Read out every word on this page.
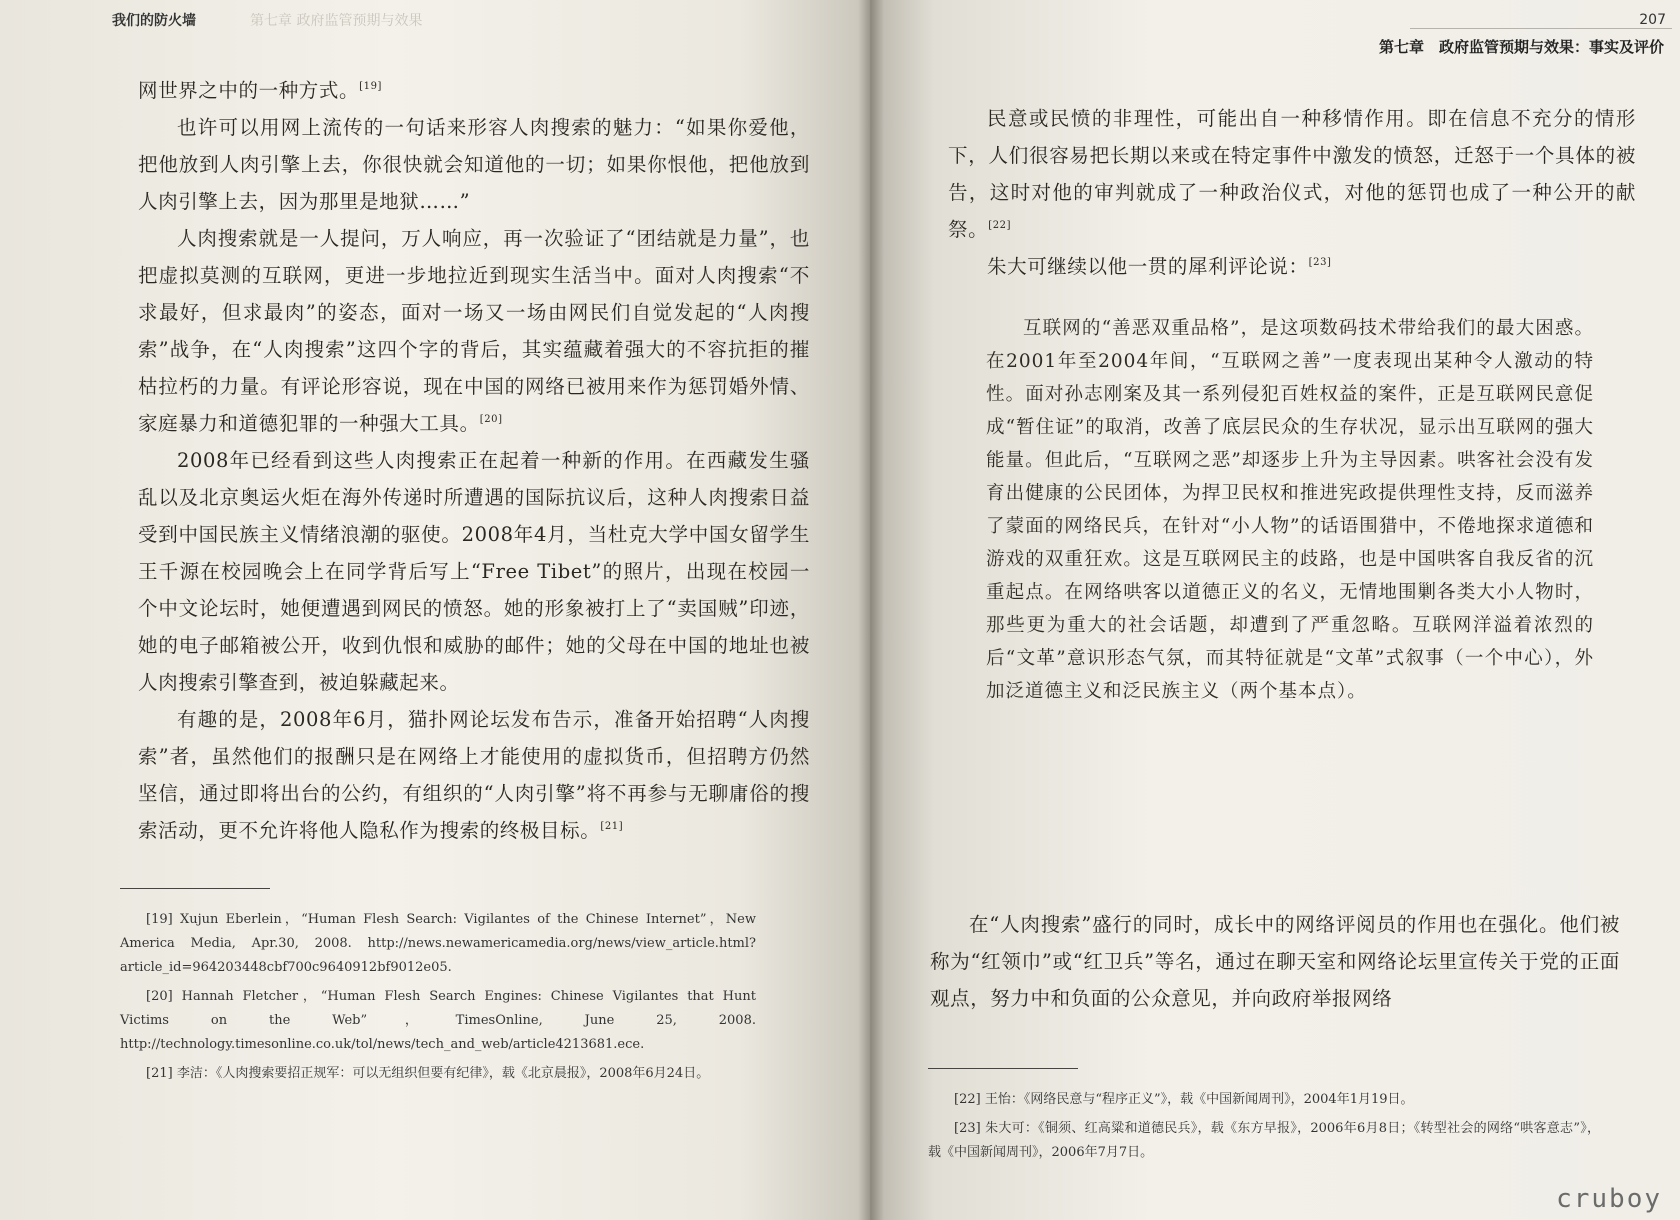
我们的防火墙	第七章 政府监管预期与效果

网世界之中的一种方式。[19]

也许可以用网上流传的一句话来形容人肉搜索的魅力：“如果你爱他，把他放到人肉引擎上去，你很快就会知道他的一切；如果你恨他，把他放到人肉引擎上去，因为那里是地狱……”

人肉搜索就是一人提问，万人响应，再一次验证了“团结就是力量”，也把虚拟莫测的互联网，更进一步地拉近到现实生活当中。面对人肉搜索“不求最好，但求最肉”的姿态，面对一场又一场由网民们自觉发起的“人肉搜索”战争，在“人肉搜索”这四个字的背后，其实蕴藏着强大的不容抗拒的摧枯拉朽的力量。有评论形容说，现在中国的网络已被用来作为惩罚婚外情、家庭暴力和道德犯罪的一种强大工具。[20]

2008年已经看到这些人肉搜索正在起着一种新的作用。在西藏发生骚乱以及北京奥运火炬在海外传递时所遭遇的国际抗议后，这种人肉搜索日益受到中国民族主义情绪浪潮的驱使。2008年4月，当杜克大学中国女留学生王千源在校园晚会上在同学背后写上“Free Tibet”的照片，出现在校园一个中文论坛时，她便遭遇到网民的愤怒。她的形象被打上了“卖国贼”印迹，她的电子邮箱被公开，收到仇恨和威胁的邮件；她的父母在中国的地址也被人肉搜索引擎查到，被迫躲藏起来。

有趣的是，2008年6月，猫扑网论坛发布告示，准备开始招聘“人肉搜索”者，虽然他们的报酬只是在网络上才能使用的虚拟货币，但招聘方仍然坚信，通过即将出台的公约，有组织的“人肉引擎”将不再参与无聊庸俗的搜索活动，更不允许将他人隐私作为搜索的终极目标。[21]

[19] Xujun Eberlein，“Human Flesh Search: Vigilantes of the Chinese Internet”，New America Media, Apr.30, 2008. http://news.newamericamedia.org/news/view_article.html?article_id=964203448cbf700c9640912bf9012e05.

[20] Hannah Fletcher，“Human Flesh Search Engines: Chinese Vigilantes that Hunt Victims on the Web”，TimesOnline, June 25, 2008. http://technology.timesonline.co.uk/tol/news/tech_and_web/article4213681.ece.

[21] 李洁：《人肉搜索要招正规军：可以无组织但要有纪律》，载《北京晨报》，2008年6月24日。

207
第七章　政府监管预期与效果：事实及评价

民意或民愤的非理性，可能出自一种移情作用。即在信息不充分的情形下，人们很容易把长期以来或在特定事件中激发的愤怒，迁怒于一个具体的被告，这时对他的审判就成了一种政治仪式，对他的惩罚也成了一种公开的献祭。[22]

朱大可继续以他一贯的犀利评论说：[23]

互联网的“善恶双重品格”，是这项数码技术带给我们的最大困惑。在2001年至2004年间，“互联网之善”一度表现出某种令人激动的特性。面对孙志刚案及其一系列侵犯百姓权益的案件，正是互联网民意促成“暂住证”的取消，改善了底层民众的生存状况，显示出互联网的强大能量。但此后，“互联网之恶”却逐步上升为主导因素。哄客社会没有发育出健康的公民团体，为捍卫民权和推进宪政提供理性支持，反而滋养了蒙面的网络民兵，在针对“小人物”的话语围猎中，不倦地探求道德和游戏的双重狂欢。这是互联网民主的歧路，也是中国哄客自我反省的沉重起点。在网络哄客以道德正义的名义，无情地围剿各类大小人物时，那些更为重大的社会话题，却遭到了严重忽略。互联网洋溢着浓烈的后“文革”意识形态气氛，而其特征就是“文革”式叙事（一个中心），外加泛道德主义和泛民族主义（两个基本点）。

在“人肉搜索”盛行的同时，成长中的网络评阅员的作用也在强化。他们被称为“红领巾”或“红卫兵”等名，通过在聊天室和网络论坛里宣传关于党的正面观点，努力中和负面的公众意见，并向政府举报网络

[22] 王怡：《网络民意与“程序正义”》，载《中国新闻周刊》，2004年1月19日。

[23] 朱大可：《铜须、红高粱和道德民兵》，载《东方早报》，2006年6月8日；《转型社会的网络“哄客意志”》，载《中国新闻周刊》，2006年7月7日。

cruboy
